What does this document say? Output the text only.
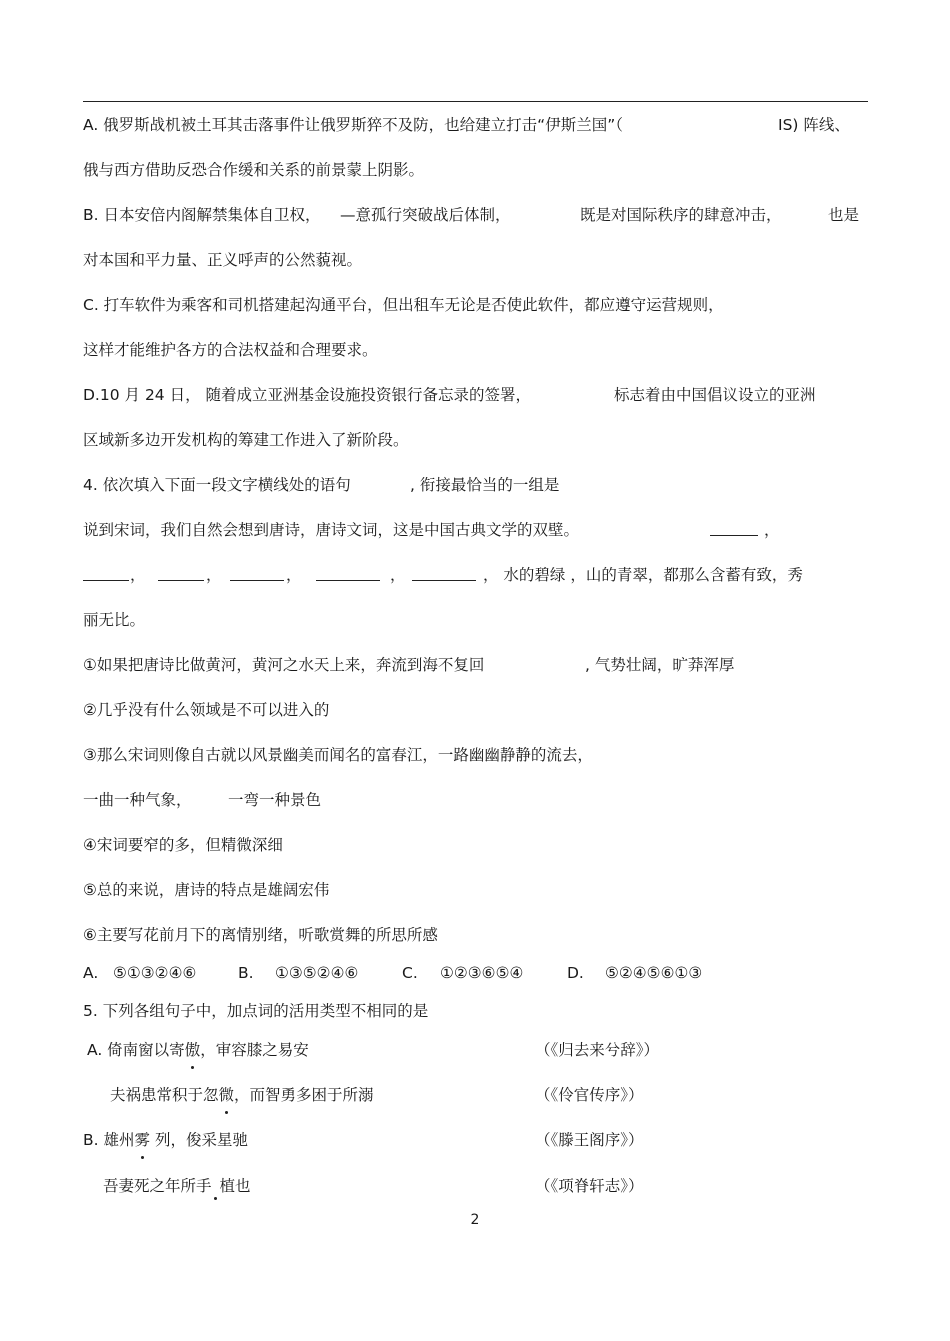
A. 俄罗斯战机被土耳其击落事件让俄罗斯猝不及防，也给建立打击“伊斯兰国”（	IS) 阵线、

俄与西方借助反恐合作缓和关系的前景蒙上阴影。

B. 日本安倍内阁解禁集体自卫权， —意孤行突破战后体制，	既是对国际秩序的肆意冲击，	也是

对本国和平力量、正义呼声的公然藐视。

C. 打车软件为乘客和司机搭建起沟通平台，但出租车无论是否使此软件，都应遵守运营规则，

这样才能维护各方的合法权益和合理要求。

D.10 月 24 日， 随着成立亚洲基金设施投资银行备忘录的签署，	标志着由中国倡议设立的亚洲

区域新多边开发机构的筹建工作进入了新阶段。

4. 依次填入下面一段文字横线处的语句	, 衔接最恰当的一组是
说到宋词，我们自然会想到唐诗，唐诗文词，这是中国古典文学的双壁。	，
，	，	，	，	， 水的碧绿 ，山的青翠，都那么含蓄有致，秀

丽无比。

①如果把唐诗比做黄河，黄河之水天上来，奔流到海不复回	, 气势壮阔，旷莽浑厚

②几乎没有什么领域是不可以进入的

③那么宋词则像自古就以风景幽美而闻名的富春江，一路幽幽静静的流去，

一曲一种气象， 一弯一种景色

④宋词要窄的多，但精微深细

⑤总的来说，唐诗的特点是雄阔宏伟

⑥主要写花前月下的离情别绪，听歌赏舞的所思所感

A. ⑤①③②④⑥	B. ①③⑤②④⑥	C. ①②③⑥⑤④	D. ⑤②④⑤⑥①③

5. 下列各组句子中，加点词的活用类型不相同的是

A. 倚南窗以寄傲，审容膝之易安	（《归去来兮辞》）
夫祸患常积于忽微，而智勇多困于所溺	（《伶官传序》）
B. 雄州雾 列，俊采星驰	（《滕王阁序》）
吾妻死之年所手 植也	（《项脊轩志》）
2
